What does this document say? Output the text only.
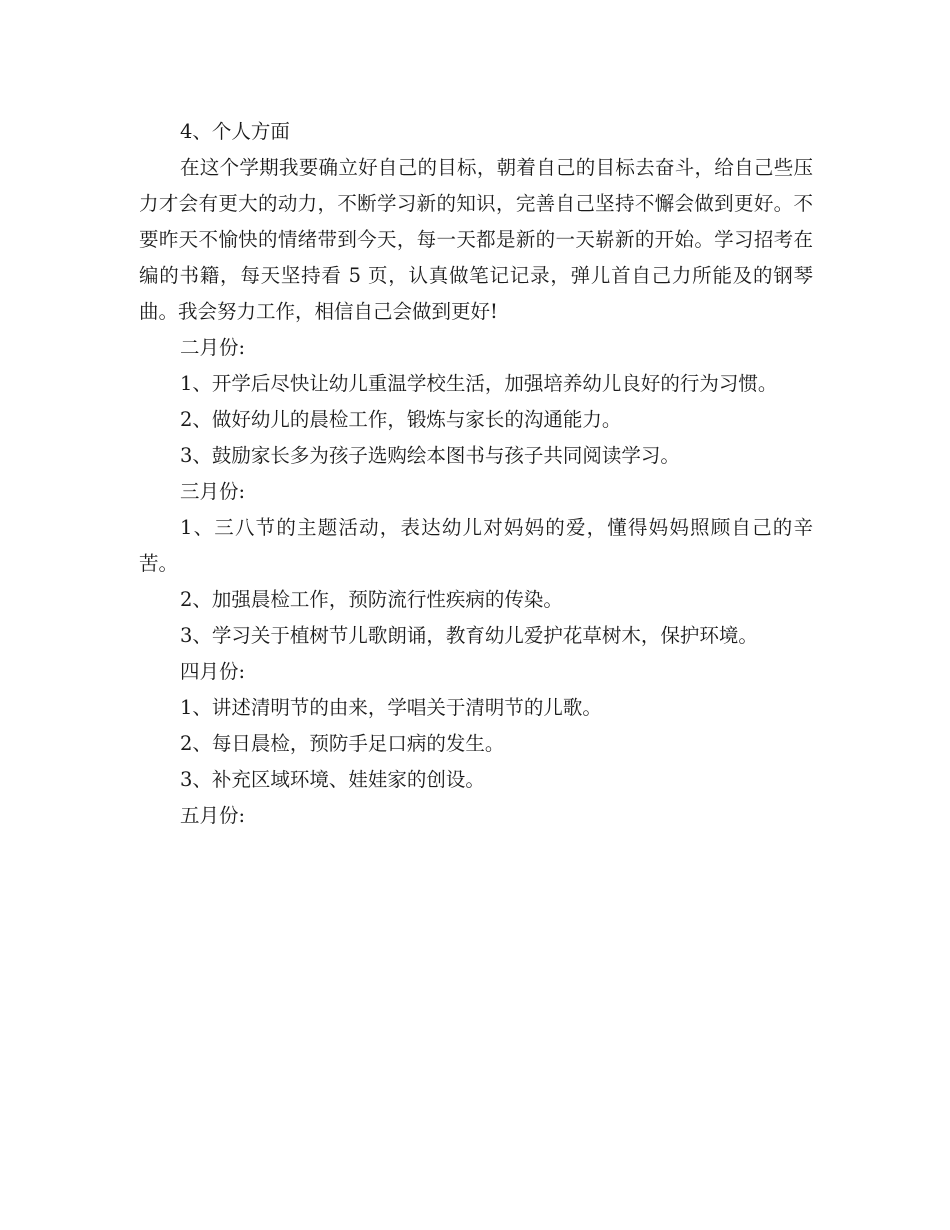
4、个人方面

在这个学期我要确立好自己的目标，朝着自己的目标去奋斗，给自己些压力才会有更大的动力，不断学习新的知识，完善自己坚持不懈会做到更好。不要昨天不愉快的情绪带到今天，每一天都是新的一天崭新的开始。学习招考在编的书籍，每天坚持看 5 页，认真做笔记记录，弹儿首自己力所能及的钢琴曲。我会努力工作，相信自己会做到更好!

二月份:

1、开学后尽快让幼儿重温学校生活，加强培养幼儿良好的行为习惯。

2、做好幼儿的晨检工作，锻炼与家长的沟通能力。

3、鼓励家长多为孩子选购绘本图书与孩子共同阅读学习。

三月份:

1、三八节的主题活动，表达幼儿对妈妈的爱，懂得妈妈照顾自己的辛苦。

2、加强晨检工作，预防流行性疾病的传染。

3、学习关于植树节儿歌朗诵，教育幼儿爱护花草树木，保护环境。

四月份:

1、讲述清明节的由来，学唱关于清明节的儿歌。

2、每日晨检，预防手足口病的发生。

3、补充区域环境、娃娃家的创设。

五月份:
